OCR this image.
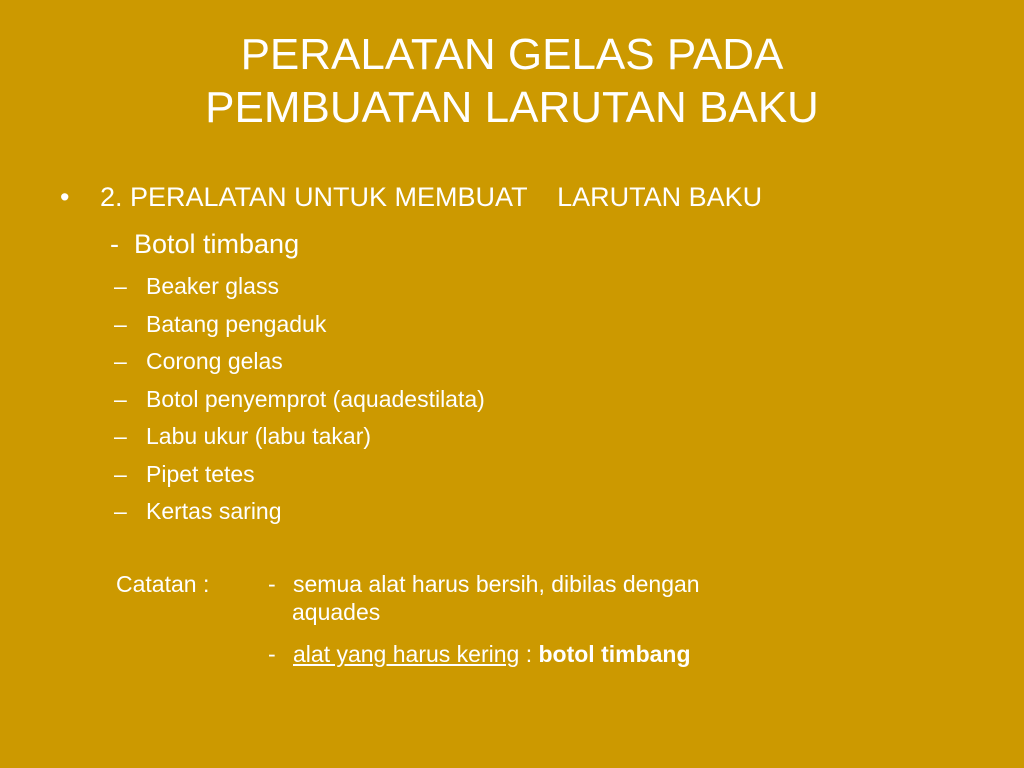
PERALATAN GELAS PADA
PEMBUATAN LARUTAN BAKU
• 2. PERALATAN UNTUK MEMBUAT    LARUTAN BAKU
-  Botol timbang
– Beaker glass
– Batang pengaduk
– Corong gelas
– Botol penyemprot (aquadestilata)
– Labu ukur (labu takar)
– Pipet tetes
– Kertas saring
Catatan :	- semua alat harus bersih, dibilas dengan
aquades
- alat yang harus kering : botol timbang
